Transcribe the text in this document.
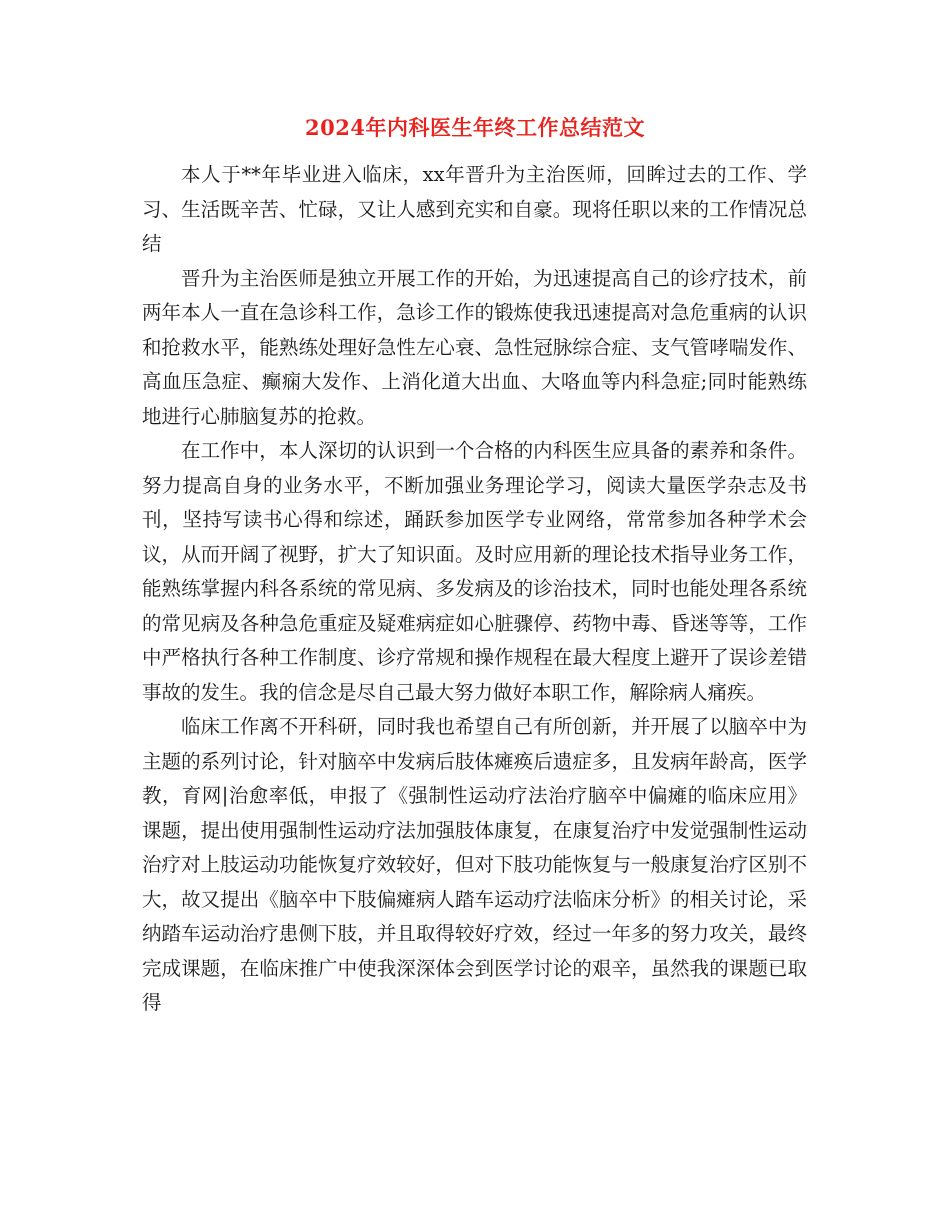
2024年内科医生年终工作总结范文

本人于**年毕业进入临床，xx年晋升为主治医师，回眸过去的工作、学习、生活既辛苦、忙碌，又让人感到充实和自豪。现将任职以来的工作情况总结

晋升为主治医师是独立开展工作的开始，为迅速提高自己的诊疗技术，前两年本人一直在急诊科工作，急诊工作的锻炼使我迅速提高对急危重病的认识和抢救水平，能熟练处理好急性左心衰、急性冠脉综合症、支气管哮喘发作、高血压急症、癫痫大发作、上消化道大出血、大咯血等内科急症;同时能熟练地进行心肺脑复苏的抢救。

在工作中，本人深切的认识到一个合格的内科医生应具备的素养和条件。努力提高自身的业务水平，不断加强业务理论学习，阅读大量医学杂志及书刊，坚持写读书心得和综述，踊跃参加医学专业网络，常常参加各种学术会议，从而开阔了视野，扩大了知识面。及时应用新的理论技术指导业务工作，能熟练掌握内科各系统的常见病、多发病及的诊治技术，同时也能处理各系统的常见病及各种急危重症及疑难病症如心脏骤停、药物中毒、昏迷等等，工作中严格执行各种工作制度、诊疗常规和操作规程在最大程度上避开了误诊差错事故的发生。我的信念是尽自己最大努力做好本职工作，解除病人痛疾。

临床工作离不开科研，同时我也希望自己有所创新，并开展了以脑卒中为主题的系列讨论，针对脑卒中发病后肢体瘫痪后遗症多，且发病年龄高，医学教，育网|治愈率低，申报了《强制性运动疗法治疗脑卒中偏瘫的临床应用》课题，提出使用强制性运动疗法加强肢体康复，在康复治疗中发觉强制性运动治疗对上肢运动功能恢复疗效较好，但对下肢功能恢复与一般康复治疗区别不大，故又提出《脑卒中下肢偏瘫病人踏车运动疗法临床分析》的相关讨论，采纳踏车运动治疗患侧下肢，并且取得较好疗效，经过一年多的努力攻关，最终完成课题，在临床推广中使我深深体会到医学讨论的艰辛，虽然我的课题已取得
